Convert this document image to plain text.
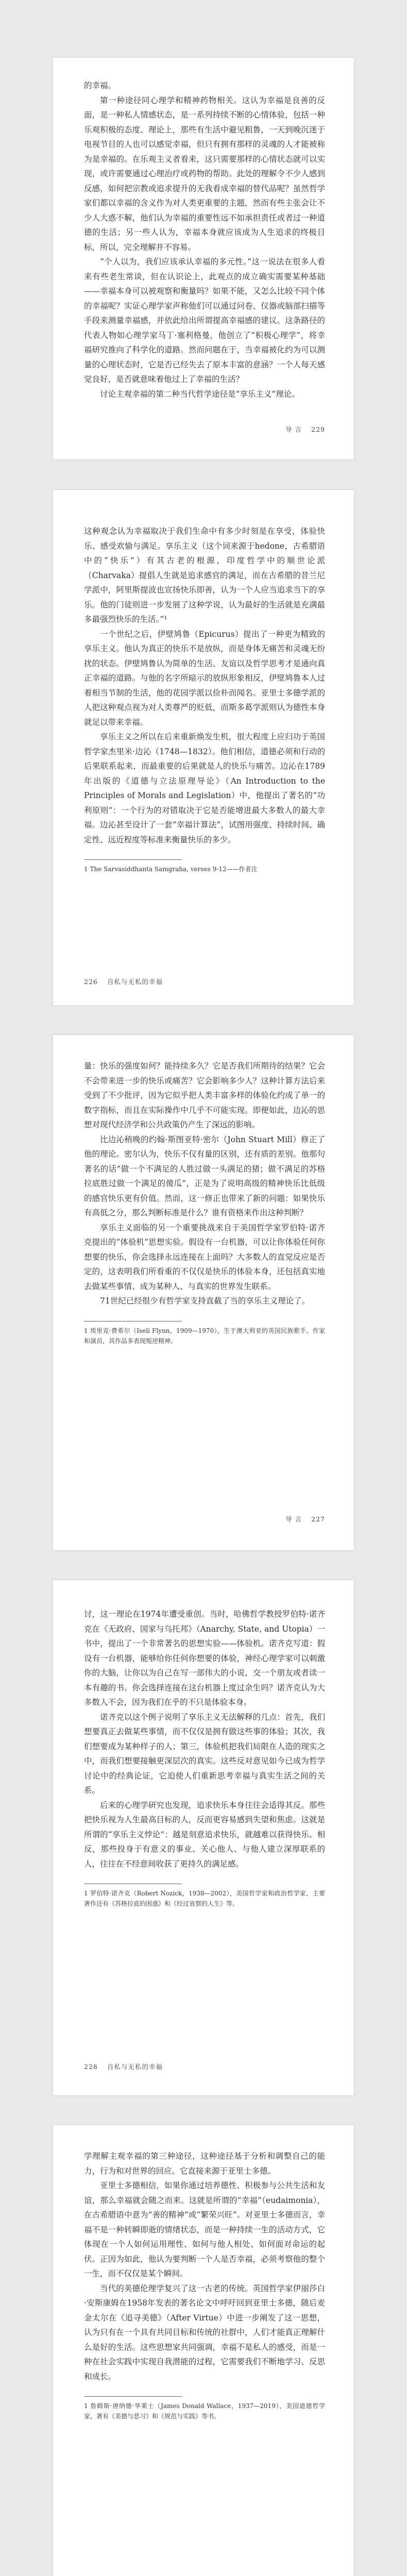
的幸福。

第一种途径同心理学和精神药物相关。这认为幸福是良善的反面，是一种私人情感状态，是一系列持续不断的心情体验，包括一种乐观积极的态度、理论上，那些有生活中避见粗鲁，一天到晚沉迷于电视节目的人也可以感觉幸福，但只有拥有那样的灵魂的人才能被称为是幸福的。在乐观主义者看来，这只需要那样的心情状态就可以实现，或许需要通过心理治疗或药物的帮助。此处的理解令不少人感到反感，如何把宗教或追求提升的无我看成幸福的替代品呢？虽然哲学家们都以幸福的含义作为对人类更重要的主题，然而有些主张会让不少人大惑不解，他们认为幸福的重要性远不如承担责任或者过一种道德的生活；另一些人认为，幸福本身就应该成为人生追求的终极目标，所以，完全理解并不容易。

“个人以为，我们应该承认幸福的多元性。”这一说法在很多人看来有些老生常谈，但在认识论上，此观点的成立确实需要某种基础——幸福本身可以被观察和衡量吗？如果不能，又怎么比较不同个体的幸福呢？实证心理学家声称他们可以通过问卷、仪器或脑部扫描等手段来测量幸福感，并依此给出所谓提高幸福感的建议。这条路径的代表人物如心理学家马丁·塞利格曼，他创立了“积极心理学”，将幸福研究推向了科学化的道路。然而问题在于，当幸福被化约为可以测量的心理状态时，它是否已经失去了原本丰富的意涵？一个人每天感觉良好，是否就意味着他过上了幸福的生活？

讨论主观幸福的第二种当代哲学途径是“享乐主义”理论。

导 言 229

这种观念认为幸福取决于我们生命中有多少时刻是在享受，体验快乐、感受欢愉与满足。享乐主义（这个词来源于hedone，古希腊语中的“快乐”）有其古老的根源，印度哲学中的顺世论派（Charvaka）提倡人生就是追求感官的满足，而在古希腊的昔兰尼学派中，阿里斯提波也宣扬快乐即善，认为一个人应当追求当下的享乐。他的门徒则进一步发展了这种学说，认为最好的生活就是充满最多最强烈快乐的生活。”¹

一个世纪之后，伊壁鸠鲁（Epicurus）提出了一种更为精致的享乐主义。他认为真正的快乐不是放纵，而是身体无痛苦和灵魂无纷扰的状态。伊壁鸠鲁认为简单的生活、友谊以及哲学思考才是通向真正幸福的道路。与他的名字所暗示的放纵形象相反，伊壁鸠鲁本人过着相当节制的生活，他的花园学派以俭朴而闻名。亚里士多德学派的人把这种观点视为对人类尊严的贬低，而斯多葛学派则认为德性本身就足以带来幸福。

享乐主义之所以在后来重新焕发生机，很大程度上应归功于英国哲学家杰里米·边沁（1748—1832）。他们相信，道德必须和行动的后果联系起来，而最重要的后果就是人的快乐与痛苦。边沁在1789年出版的《道德与立法原理导论》（An Introduction to the Principles of Morals and Legislation）中，他提出了著名的“功利原则”：一个行为的对错取决于它是否能增进最大多数人的最大幸福。边沁甚至设计了一套“幸福计算法”，试图用强度、持续时间、确定性、远近程度等标准来衡量快乐的多少。

1 The Sarvasiddhanta Samgraha, verses 9-12——作者注

226 自私与无私的幸福

量：快乐的强度如何？能持续多久？它是否我们所期待的结果？它会不会带来进一步的快乐或痛苦？它会影响多少人？这种计算方法后来受到了不少批评，因为它似乎把人类丰富多样的体验化约成了单一的数字指标，而且在实际操作中几乎不可能实现。即便如此，边沁的思想对现代经济学和公共政策仍产生了深远的影响。

比边沁稍晚的约翰·斯图亚特·密尔（John Stuart Mill）修正了他的理论。密尔认为，快乐不仅有量的区别，还有质的差别。他那句著名的话“做一个不满足的人胜过做一头满足的猪；做不满足的苏格拉底胜过做一个满足的傻瓜”，正是为了说明高级的精神快乐比低级的感官快乐更有价值。然而，这一修正也带来了新的问题：如果快乐有高低之分，那么判断标准是什么？谁有资格来作出这种判断？

享乐主义面临的另一个重要挑战来自于美国哲学家罗伯特·诺齐克提出的“体验机”思想实验。假设有一台机器，可以让你体验任何你想要的快乐，你会选择永远连接在上面吗？大多数人的直觉反应是否定的，这表明我们所看重的不仅仅是快乐的体验本身，还包括真实地去做某些事情、成为某种人、与真实的世界发生联系。

71世纪已经很少有哲学家支持直截了当的享乐主义理论了。

1 埃里克·费希尔（Iseli Flynn，1909—1970），生于澳大利亚的英国民族歌手、作家和演员，其作品多表现叛逆精神。

导 言 227

讨，这一理论在1974年遭受重创。当时，哈佛哲学教授罗伯特·诺齐克在《无政府、国家与乌托邦》（Anarchy, State, and Utopia）一书中，提出了一个非常著名的思想实验——体验机。诺齐克写道：假设有一台机器，能够给你任何你想要的体验，神经心理学家可以刺激你的大脑，让你以为自己在写一部伟大的小说、交一个朋友或者读一本有趣的书。你会选择连接在这台机器上度过余生吗？诺齐克认为大多数人不会，因为我们在乎的不只是体验本身。

诺齐克以这个例子说明了享乐主义无法解释的几点：首先，我们想要真正去做某些事情，而不仅仅是拥有做这些事的体验；其次，我们想要成为某种样子的人；第三，体验机把我们局限在人造的现实之中，而我们想要接触更深层次的真实。这些反对意见如今已成为哲学讨论中的经典论证，它迫使人们重新思考幸福与真实生活之间的关系。

后来的心理学研究也发现，追求快乐本身往往会适得其反。那些把快乐视为人生最高目标的人，反而更容易感到失望和焦虑。这就是所谓的“享乐主义悖论”：越是刻意追求快乐，就越难以获得快乐。相反，那些投身于有意义的事业、关心他人、与他人建立深厚联系的人，往往在不经意间收获了更持久的满足感。

1 罗伯特·诺齐克（Robert Nozick，1938—2002），美国哲学家和政治哲学家，主要著作还有《苏格拉底的困惑》和《经过省察的人生》等。

228 自私与无私的幸福

学理解主观幸福的第三种途径，这种途径基于分析和调整自己的能力，行为和对世界的回应。它直接来源于亚里士多德。

亚里士多德相信，如果你通过培养德性、积极参与公共生活和友谊，那么幸福就会随之而来。这就是所谓的“幸福”（eudaimonia），在古希腊语中意为“善的精神”或“繁荣兴旺”。对亚里士多德而言，幸福不是一种转瞬即逝的情绪状态，而是一种持续一生的活动方式，它体现在一个人如何运用理性、如何与他人相处、如何面对命运的起伏。正因为如此，他认为要判断一个人是否幸福，必须考察他的整个一生，而不仅仅是某个瞬间。

当代的美德伦理学复兴了这一古老的传统。英国哲学家伊丽莎白·安斯康姆在1958年发表的著名论文中呼吁回到亚里士多德，随后麦金太尔在《追寻美德》（After Virtue）中进一步阐发了这一思想，认为只有在一个具有共同目标和传统的社群中，人们才能真正理解什么是好的生活。这些思想家共同强调，幸福不是私人的感受，而是一种在社会实践中实现自我潜能的过程，它需要我们不断地学习、反思和成长。

1 詹姆斯·唐纳德·华莱士（James Donald Wallace，1937—2019），美国道德哲学家，著有《美德与恶习》和《规范与实践》等书。
